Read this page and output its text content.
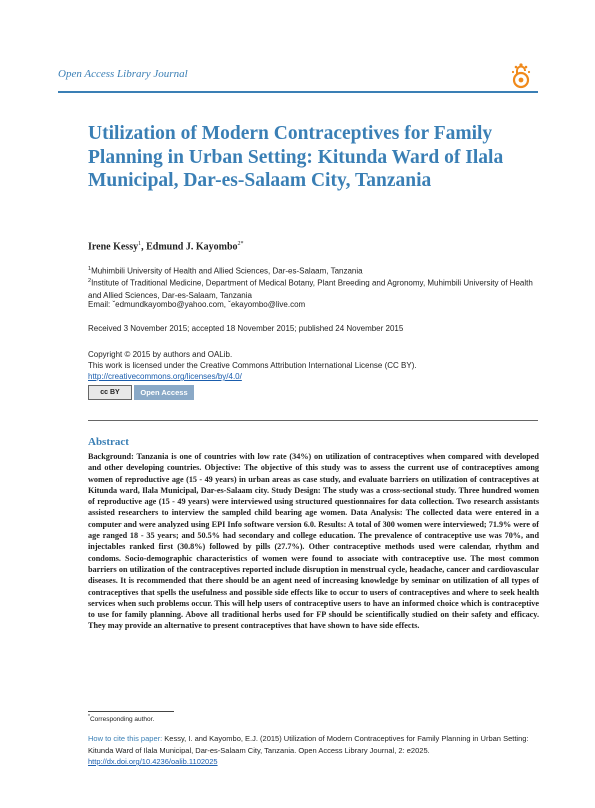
Open Access Library Journal
Utilization of Modern Contraceptives for Family Planning in Urban Setting: Kitunda Ward of Ilala Municipal, Dar-es-Salaam City, Tanzania
Irene Kessy$^1$, Edmund J. Kayombo$^{2*}$
$^1$Muhimbili University of Health and Allied Sciences, Dar-es-Salaam, Tanzania
$^2$Institute of Traditional Medicine, Department of Medical Botany, Plant Breeding and Agronomy, Muhimbili University of Health and Allied Sciences, Dar-es-Salaam, Tanzania
Email: ˇedmundkayombo@yahoo.com, ˇekayombo@live.com
Received 3 November 2015; accepted 18 November 2015; published 24 November 2015
Copyright © 2015 by authors and OALib.
This work is licensed under the Creative Commons Attribution International License (CC BY).
http://creativecommons.org/licenses/by/4.0/
cc BY	Open Access
Abstract

Background: Tanzania is one of countries with low rate (34%) on utilization of contraceptives when compared with developed and other developing countries. Objective: The objective of this study was to assess the current use of contraceptives among women of reproductive age (15 - 49 years) in urban areas as case study, and evaluate barriers on utilization of contraceptives at Kitunda ward, Ilala Municipal, Dar-es-Salaam city. Study Design: The study was a cross-sectional study. Three hundred women of reproductive age (15 - 49 years) were interviewed using structured questionnaires for data collection. Two research assistants assisted researchers to interview the sampled child bearing age women. Data Analysis: The collected data were entered in a computer and were analyzed using EPI Info software version 6.0. Results: A total of 300 women were interviewed; 71.9% were of age ranged 18 - 35 years; and 50.5% had secondary and college education. The prevalence of contraceptive use was 70%, and injectables ranked first (30.8%) followed by pills (27.7%). Other contraceptive methods used were calendar, rhythm and condoms. Socio-demographic characteristics of women were found to associate with contraceptive use. The most common barriers on utilization of the contraceptives reported include disruption in menstrual cycle, headache, cancer and cardiovascular diseases. It is recommended that there should be an agent need of increasing knowledge by seminar on utilization of all types of contraceptives that spells the usefulness and possible side effects like to occur to users of contraceptives and where to seek health services when such problems occur. This will help users of contraceptive users to have an informed choice which is contraceptive to use for family planning. Above all traditional herbs used for FP should be scientifically studied on their safety and efficacy. They may provide an alternative to present contraceptives that have shown to have side effects.

*Corresponding author.
How to cite this paper: Kessy, I. and Kayombo, E.J. (2015) Utilization of Modern Contraceptives for Family Planning in Urban Setting: Kitunda Ward of Ilala Municipal, Dar-es-Salaam City, Tanzania. Open Access Library Journal, 2: e2025.
http://dx.doi.org/10.4236/oalib.1102025
